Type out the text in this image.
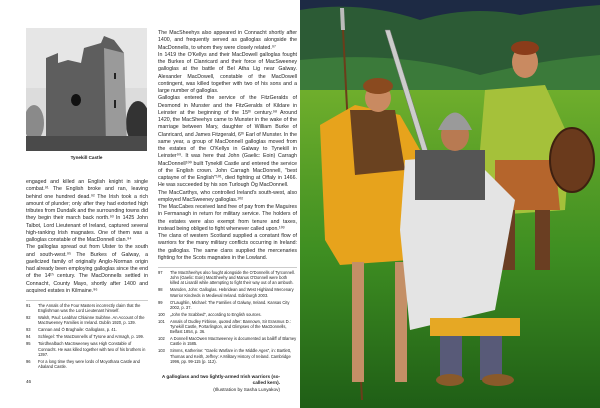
Tynekill Castle

engaged and killed an English knight in single combat.⁹¹ The English broke and ran, leaving behind one hundred dead.⁹² The Irish took a rich amount of plunder; only after they had extorted high tributes from Dundalk and the surrounding towns did they begin their march back north.⁹³ In 1425 John Talbot, Lord Lieutenant of Ireland, captured several high-ranking Irish magnates. One of them was a galloglas constable of the MacDonnell clan.⁹⁴

The galloglas spread out from Ulster to the south and south-west.⁹⁵ The Burkes of Galway, a gaelicized family of originally Anglo-Norman origin had already been employing galloglas since the end of the 14ᵗʰ century. The MacDonnells settled in Connacht, County Mayo, shortly after 1400 and acquired estates in Kilmaine.⁹⁶

91	The Annals of the Four Masters incorrectly claim that the Englishman was the Lord Lieutenant himself.
92	Walsh, Paul: Leabhar Chlainne Suibhne. An Account of the MacSweeney Families in Ireland. Dublin 1920, p. 139.
93	Cannan and Ó Braghaile: Galloglass, p. 41.
94	Schlegel: The MacDonnells of Tyrone and Armagh, p. 199.
95	Toirdhealbach MacSweeney was High Constable of Connacht. He was killed together with two of his brothers in 1397.
96	For a long time they were lords of Moyothara Castle and Abaland Castle.
46

The MacSheehys also appeared in Connacht shortly after 1400, and frequently served as galloglas alongside the MacDonnells, to whom they were closely related.⁹⁷

In 1419 the O'Kellys and their MacDowell galloglas fought the Burkes of Clanricard and their force of MacSweeney galloglas at the battle of Bel Atha Lig near Galway. Alexander MacDowell, constable of the MacDowell contingent, was killed together with two of his sons and a large number of galloglas.

Galloglas entered the service of the FitzGeralds of Desmond in Munster and the FitzGeralds of Kildare in Leinster at the beginning of the 15ᵗʰ century.⁹⁸ Around 1420, the MacSheehys came to Munster in the wake of the marriage between Mary, daughter of William Burke of Clanricard, and James Fitzgerald, 6ᵗʰ Earl of Munster. In the same year, a group of MacDonnell galloglas moved from the estates of the O'Kellys in Galway to Tynekill in Leinster⁹⁹. It was here that John (Gaelic: Eoin) Carragh MacDonnell¹⁰⁰ built Tynekill Castle and entered the service of the English crown. John Carragh MacDonnell, "best captayne of the English"¹⁰¹, died fighting at Offaly in 1466. He was succeeded by his son Turlough Óg MacDonnell.

The MacCarthys, who controlled Ireland's south-west, also employed MacSweeney galloglas.¹⁰²

The MacCabes received land free of pay from the Maguires in Fermanagh in return for military service. The holders of the estates were also exempt from tenure and taxes, instead being obliged to fight whenever called upon.¹⁰³

The clans of western Scotland supplied a constant flow of warriors for the many military conflicts occurring in Ireland: the galloglas. The same clans supplied the mercenaries fighting for the Scots magnates in the Lowland.

97	The MacSheehys also fought alongside the O'Donnells of Tyrconnell. John (Gaelic: Eoin) MacSheehy and Manus O'Donnell were both killed at Lisardil while attempting to fight their way out of an ambush.
98	Marsden, John: Galloglas. Hebridean and West Highland Mercenary Warrior Kindreds in Medieval Ireland. Edinburgh 2003.
99	O'Laughlin, Michael: The Families of Galway, Ireland. Kansas City 2002, p. 37.
100	„John the Scabbed", according to English sources.
101	Annals of Dudley Firbisse, quoted after: Bannown, Sir Erasmus D.: Tynekill Castle, Portarlington, and Glimpses of the MacDonnells, Belfast 1854, p. 36.
102	A Donnell MacOwen MacSweeney is documented as bailiff of Blarney Castle in 1585.
103	Simms, Katherine: "Gaelic Warfare in the Middle Ages", in: Bartlett, Thomas and Keith, Jeffrey: A Military History of Ireland. Cambridge 1996, pp. 99-115 (p. 112).
A galloglass and two lightly-armed Irish warriors (so-called kern).
(Illustration by Sasha Lunyakov)
